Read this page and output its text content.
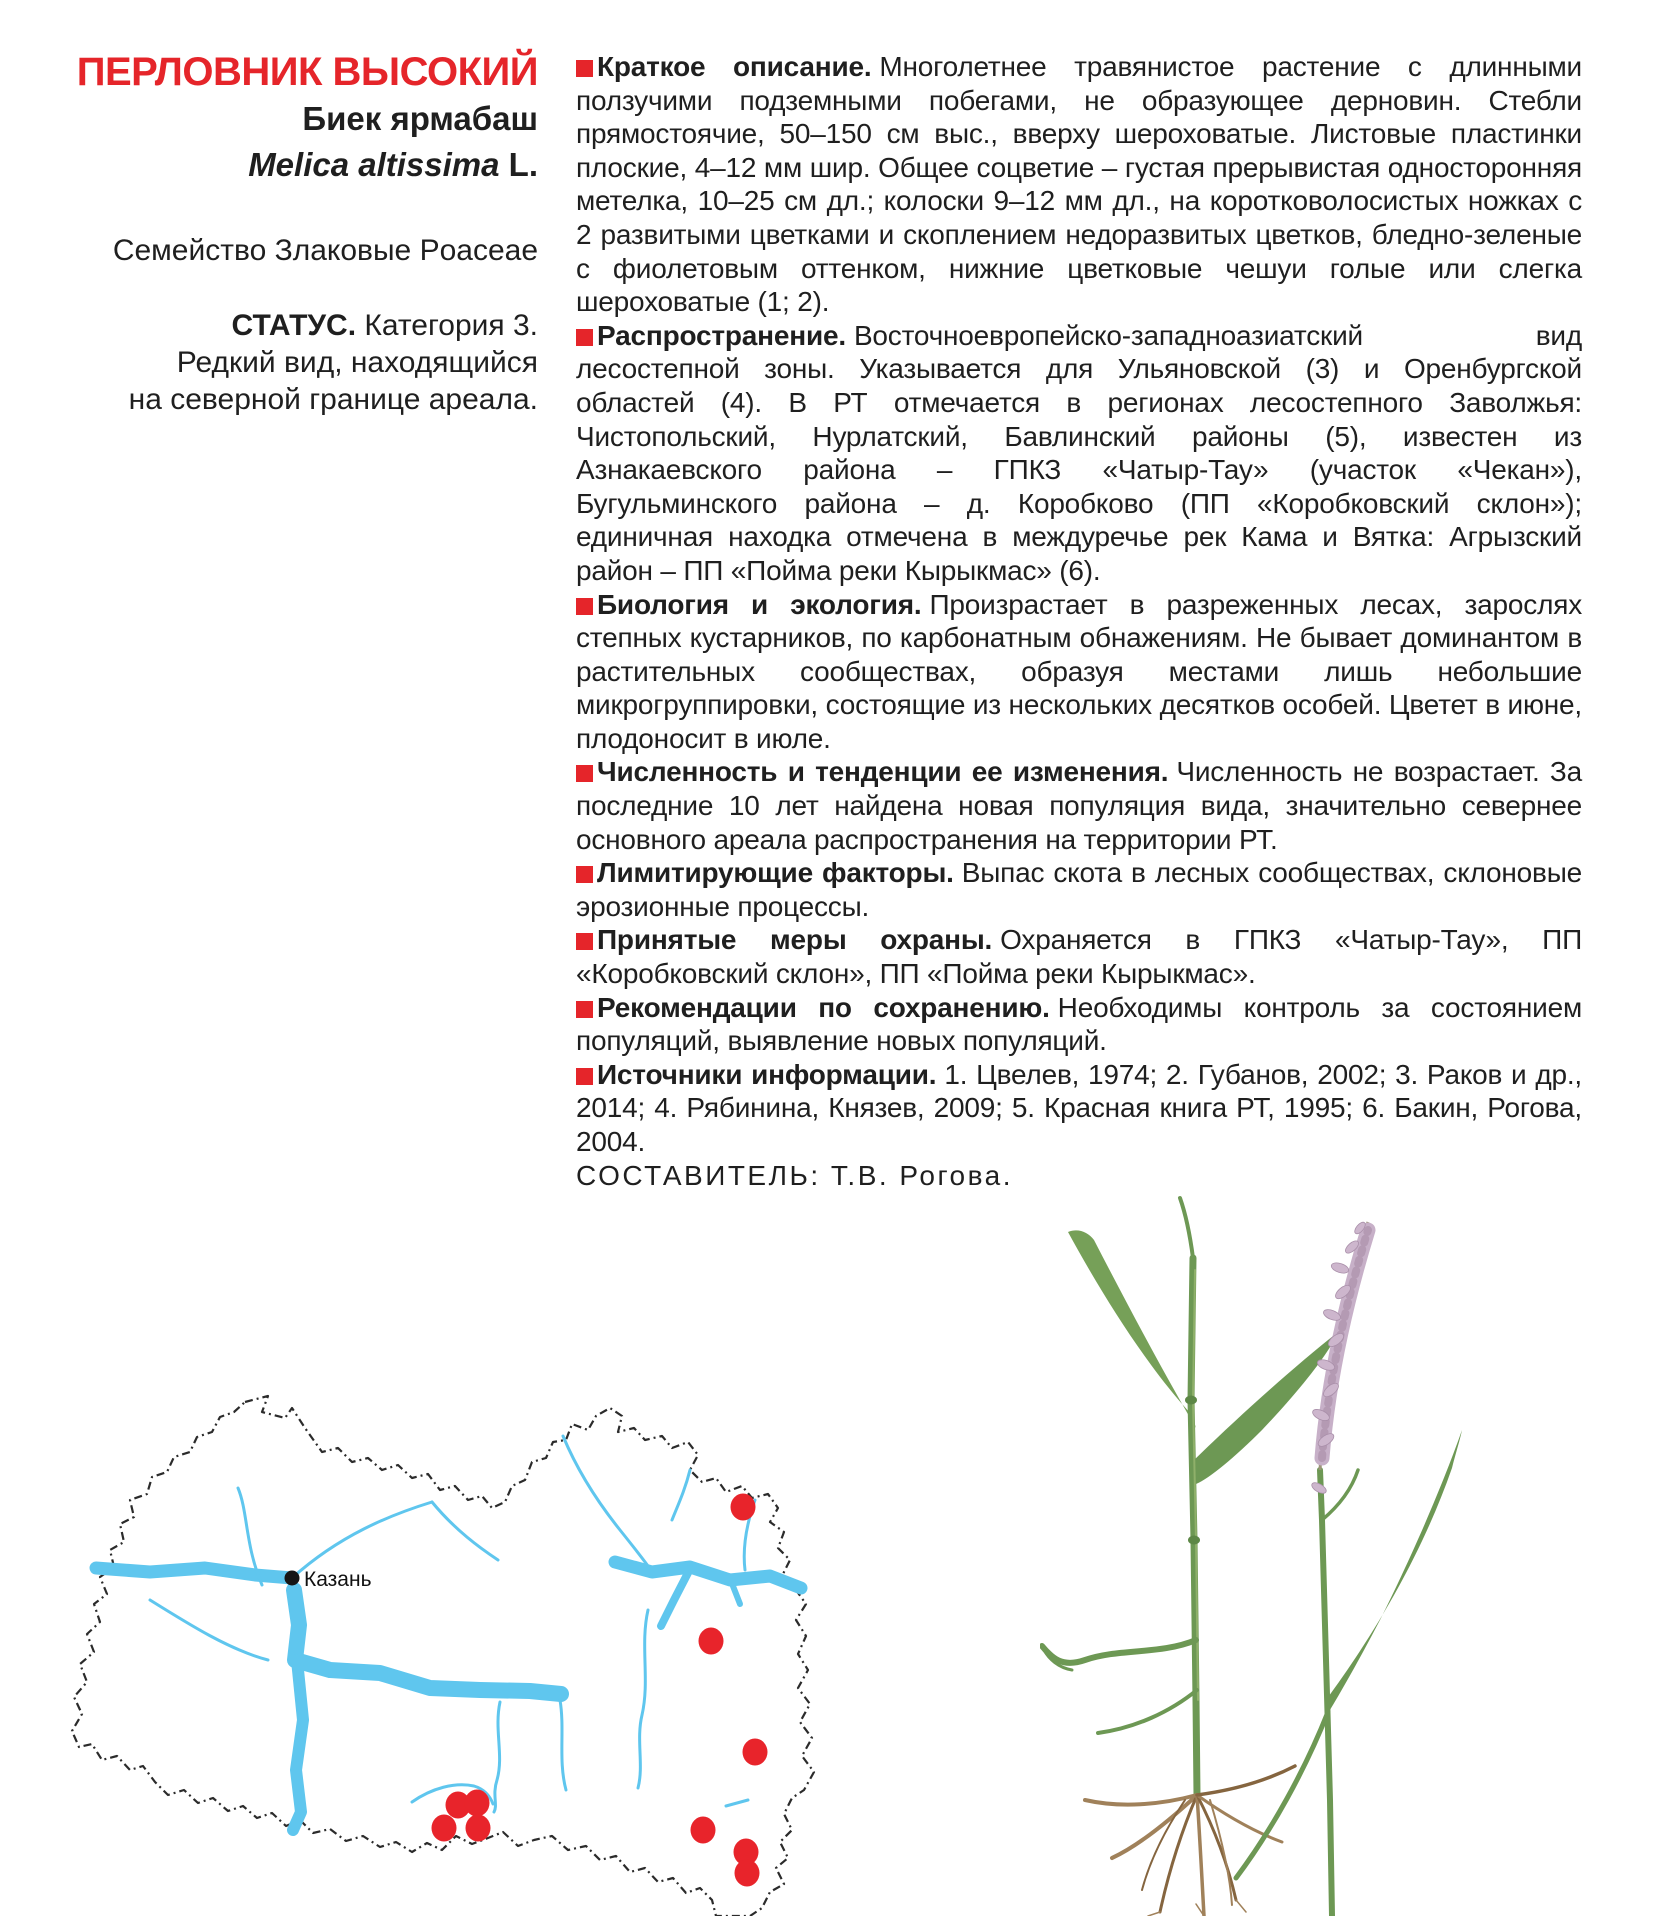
ПЕРЛОВНИК ВЫСОКИЙ
Биек ярмабаш
Melica altissima L.
Семейство Злаковые Poaceae
СТАТУС. Категория 3.
Редкий вид, находящийся
на северной границе ареала.

Краткое описание. Многолетнее травянистое растение с длинными ползучими подземными побегами, не образующее дерновин. Стебли прямостоячие, 50–150 см выс., вверху шероховатые. Листовые пластинки плоские, 4–12 мм шир. Общее соцветие – густая прерывистая односторонняя метелка, 10–25 см дл.; колоски 9–12 мм дл., на коротковолосистых ножках с 2 развитыми цветками и скоплением недоразвитых цветков, бледно-зеленые с фиолетовым оттенком, нижние цветковые чешуи голые или слегка шероховатые (1; 2).

Распространение. Восточноевропейско-западноазиатский вид лесостепной зоны. Указывается для Ульяновской (3) и Оренбургской областей (4). В РТ отмечается в регионах лесостепного Заволжья: Чистопольский, Нурлатский, Бавлинский районы (5), известен из Азнакаевского района – ГПКЗ «Чатыр-Тау» (участок «Чекан»), Бугульминского района – д. Коробково (ПП «Коробковский склон»); единичная находка отмечена в междуречье рек Кама и Вятка: Агрызский район – ПП «Пойма реки Кырыкмас» (6).

Биология и экология. Произрастает в разреженных лесах, зарослях степных кустарников, по карбонатным обнажениям. Не бывает доминантом в растительных сообществах, образуя местами лишь небольшие микрогруппировки, состоящие из нескольких десятков особей. Цветет в июне, плодоносит в июле.

Численность и тенденции ее изменения. Численность не возрастает. За последние 10 лет найдена новая популяция вида, значительно севернее основного ареала распространения на территории РТ.

Лимитирующие факторы. Выпас скота в лесных сообществах, склоновые эрозионные процессы.

Принятые меры охраны. Охраняется в ГПКЗ «Чатыр-Тау», ПП «Коробковский склон», ПП «Пойма реки Кырыкмас».

Рекомендации по сохранению. Необходимы контроль за состоянием популяций, выявление новых популяций.

Источники информации. 1. Цвелев, 1974; 2. Губанов, 2002; 3. Раков и др., 2014; 4. Рябинина, Князев, 2009; 5. Красная книга РТ, 1995; 6. Бакин, Рогова, 2004.

СОСТАВИТЕЛЬ: Т.В. Рогова.

Казань
